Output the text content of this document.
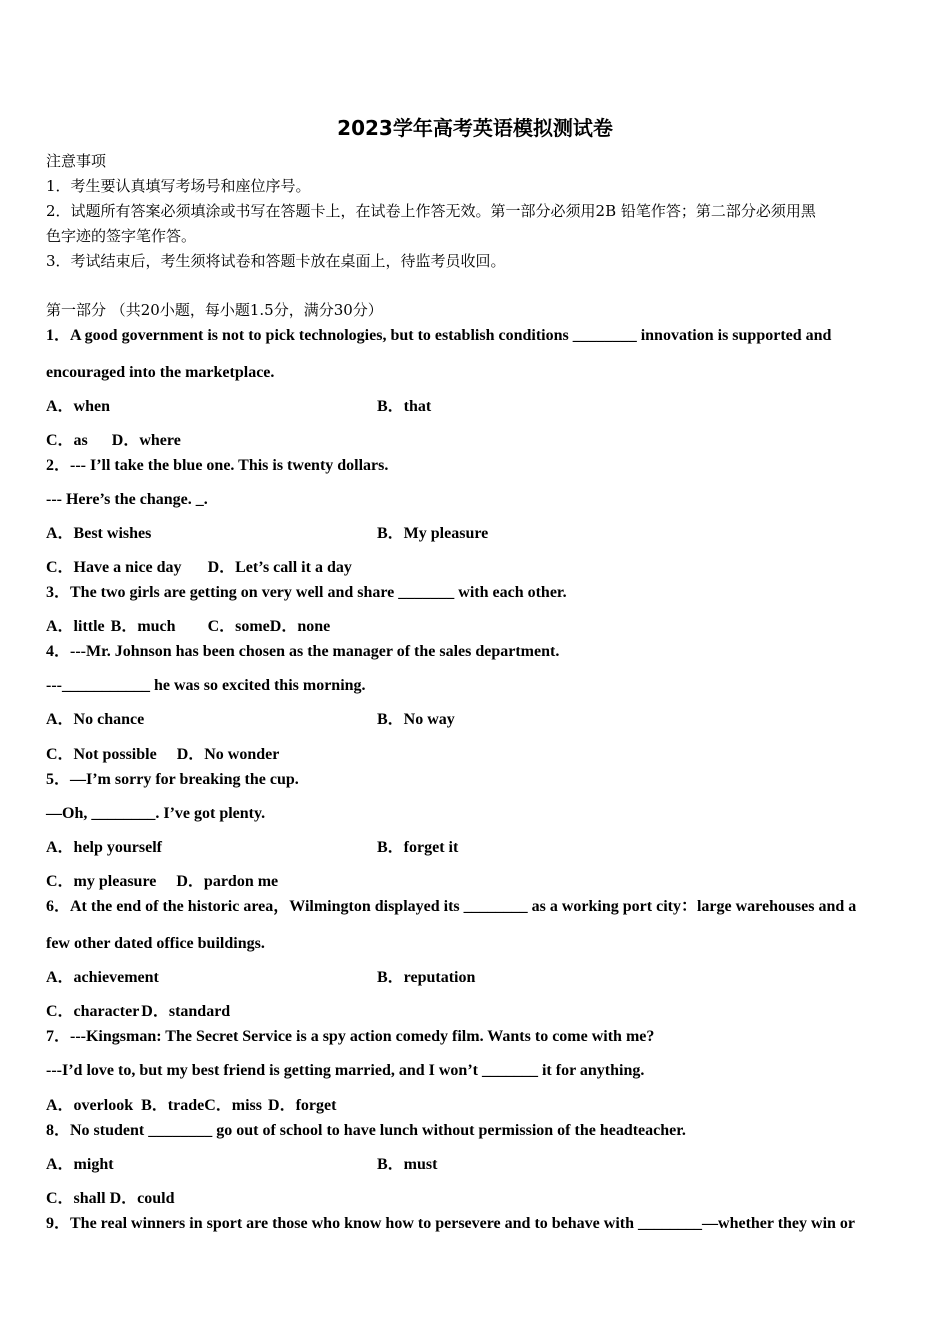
2023学年高考英语模拟测试卷
注意事项
1．考生要认真填写考场号和座位序号。
2．试题所有答案必须填涂或书写在答题卡上，在试卷上作答无效。第一部分必须用2B 铅笔作答；第二部分必须用黑
色字迹的签字笔作答。
3．考试结束后，考生须将试卷和答题卡放在桌面上，待监考员收回。
第一部分 （共20小题，每小题1.5分，满分30分）
1．A good government is not to pick technologies, but to establish conditions ________ innovation is supported and
encouraged into the marketplace.
A．when	B．that
C．as D．where
2．--- I’ll take the blue one. This is twenty dollars.
--- Here’s the change. _.
A．Best wishes	B．My pleasure
C．Have a nice day D．Let’s call it a day
3．The two girls are getting on very well and share _______ with each other.
A．little B．much C．someD．none
4．---Mr. Johnson has been chosen as the manager of the sales department.
---___________ he was so excited this morning.
A．No chance	B．No way
C．Not possible D．No wonder
5．—I’m sorry for breaking the cup.
—Oh, ________. I’ve got plenty.
A．help yourself	B．forget it
C．my pleasure D．pardon me
6．At the end of the historic area，Wilmington displayed its ________ as a working port city：large warehouses and a
few other dated office buildings.
A．achievement	B．reputation
C．character D．standard
7．---Kingsman: The Secret Service is a spy action comedy film. Wants to come with me?
---I’d love to, but my best friend is getting married, and I won’t _______ it for anything.
A．overlook B．tradeC．miss D．forget
8．No student ________ go out of school to have lunch without permission of the headteacher.
A．might	B．must
C．shall D．could
9．The real winners in sport are those who know how to persevere and to behave with ________—whether they win or
